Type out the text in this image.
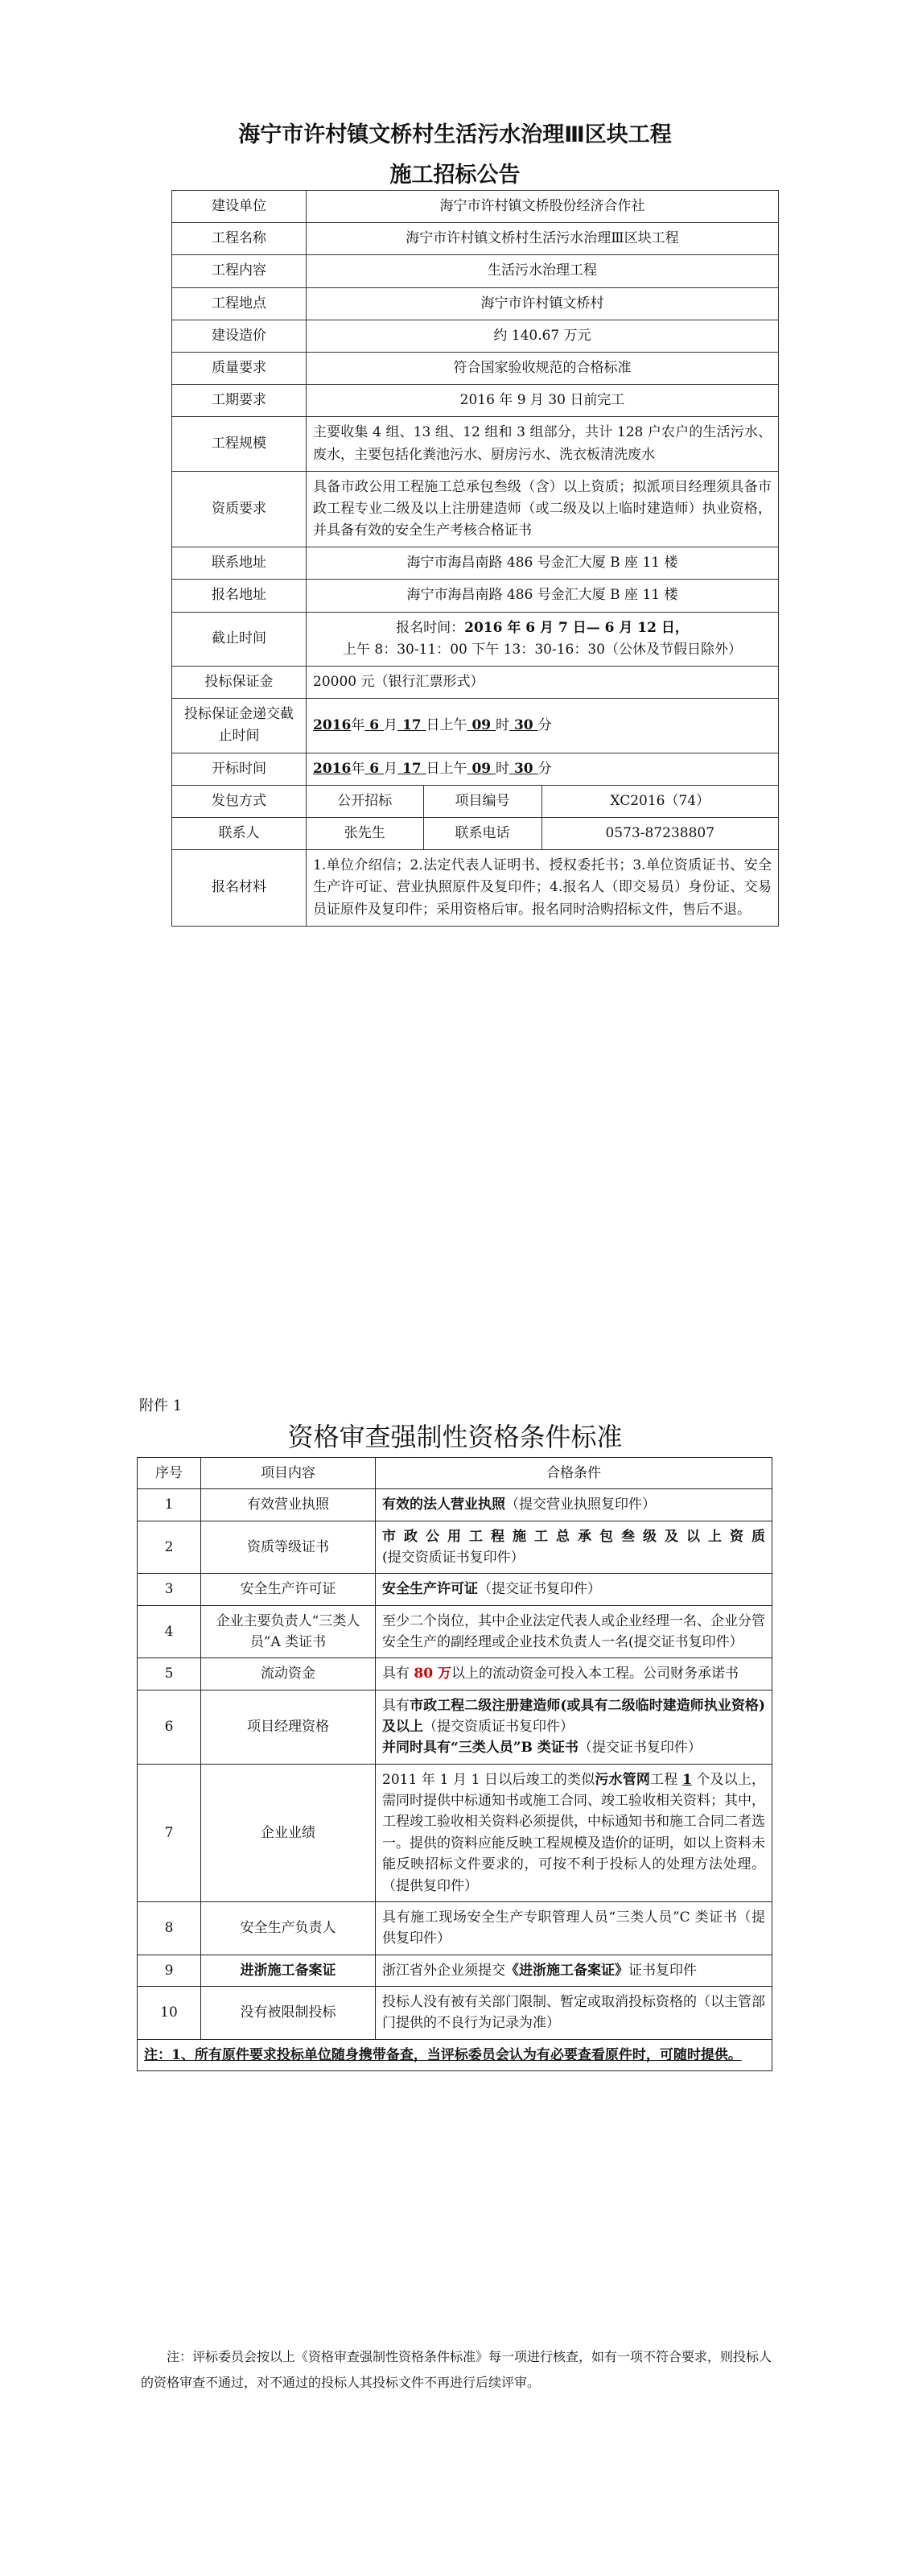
海宁市许村镇文桥村生活污水治理Ⅲ区块工程
施工招标公告
建设单位	海宁市许村镇文桥股份经济合作社		
工程名称	海宁市许村镇文桥村生活污水治理Ⅲ区块工程		
工程内容	生活污水治理工程		
工程地点	海宁市许村镇文桥村		
建设造价	约 140.67 万元		
质量要求	符合国家验收规范的合格标准		
工期要求	2016 年 9 月 30 日前完工		
工程规模	主要收集 4 组、13 组、12 组和 3 组部分，共计 128 户农户的生活污水、废水，主要包括化粪池污水、厨房污水、洗衣板清洗废水		
资质要求	具备市政公用工程施工总承包叁级（含）以上资质；拟派项目经理须具备市政工程专业二级及以上注册建造师（或二级及以上临时建造师）执业资格，并具备有效的安全生产考核合格证书		
联系地址	海宁市海昌南路 486 号金汇大厦 B 座 11 楼		
报名地址	海宁市海昌南路 486 号金汇大厦 B 座 11 楼		
截止时间	报名时间：2016 年 6 月 7 日— 6 月 12 日，
上午 8：30-11：00 下午 13：30-16：30（公休及节假日除外）		
投标保证金	20000 元（银行汇票形式）		
投标保证金递交截止时间	2016年 6 月 17 日上午 09 时 30 分		
开标时间	2016年 6 月 17 日上午 09 时 30 分		
发包方式	公开招标	项目编号	XC2016（74）
联系人	张先生	联系电话	0573-87238807
报名材料	1.单位介绍信；2.法定代表人证明书、授权委托书；3.单位资质证书、安全生产许可证、营业执照原件及复印件；4.报名人（即交易员）身份证、交易员证原件及复印件；采用资格后审。报名同时洽购招标文件，售后不退。		
附件 1
资格审查强制性资格条件标准
序号	项目内容	合格条件
1	有效营业执照	有效的法人营业执照（提交营业执照复印件）
2	资质等级证书	市政公用工程施工总承包叁级及以上资质(提交资质证书复印件）
3	安全生产许可证	安全生产许可证（提交证书复印件）
4	企业主要负责人“三类人员”A 类证书	至少二个岗位，其中企业法定代表人或企业经理一名、企业分管安全生产的副经理或企业技术负责人一名(提交证书复印件）
5	流动资金	具有 80 万以上的流动资金可投入本工程。公司财务承诺书
6	项目经理资格	具有市政工程二级注册建造师(或具有二级临时建造师执业资格)及以上（提交资质证书复印件）
并同时具有“三类人员”B 类证书（提交证书复印件）
7	企业业绩	2011 年 1 月 1 日以后竣工的类似污水管网工程 1 个及以上，需同时提供中标通知书或施工合同、竣工验收相关资料；其中，工程竣工验收相关资料必须提供，中标通知书和施工合同二者选一。提供的资料应能反映工程规模及造价的证明，如以上资料未能反映招标文件要求的，可按不利于投标人的处理方法处理。（提供复印件）
8	安全生产负责人	具有施工现场安全生产专职管理人员“三类人员”C 类证书（提供复印件）
9	进浙施工备案证	浙江省外企业须提交《进浙施工备案证》证书复印件
10	没有被限制投标	投标人没有被有关部门限制、暂定或取消投标资格的（以主管部门提供的不良行为记录为准）
注：1、所有原件要求投标单位随身携带备查，当评标委员会认为有必要查看原件时，可随时提供。		
注：评标委员会按以上《资格审查强制性资格条件标准》每一项进行核查，如有一项不符合要求，则投标人的资格审查不通过，对不通过的投标人其投标文件不再进行后续评审。
